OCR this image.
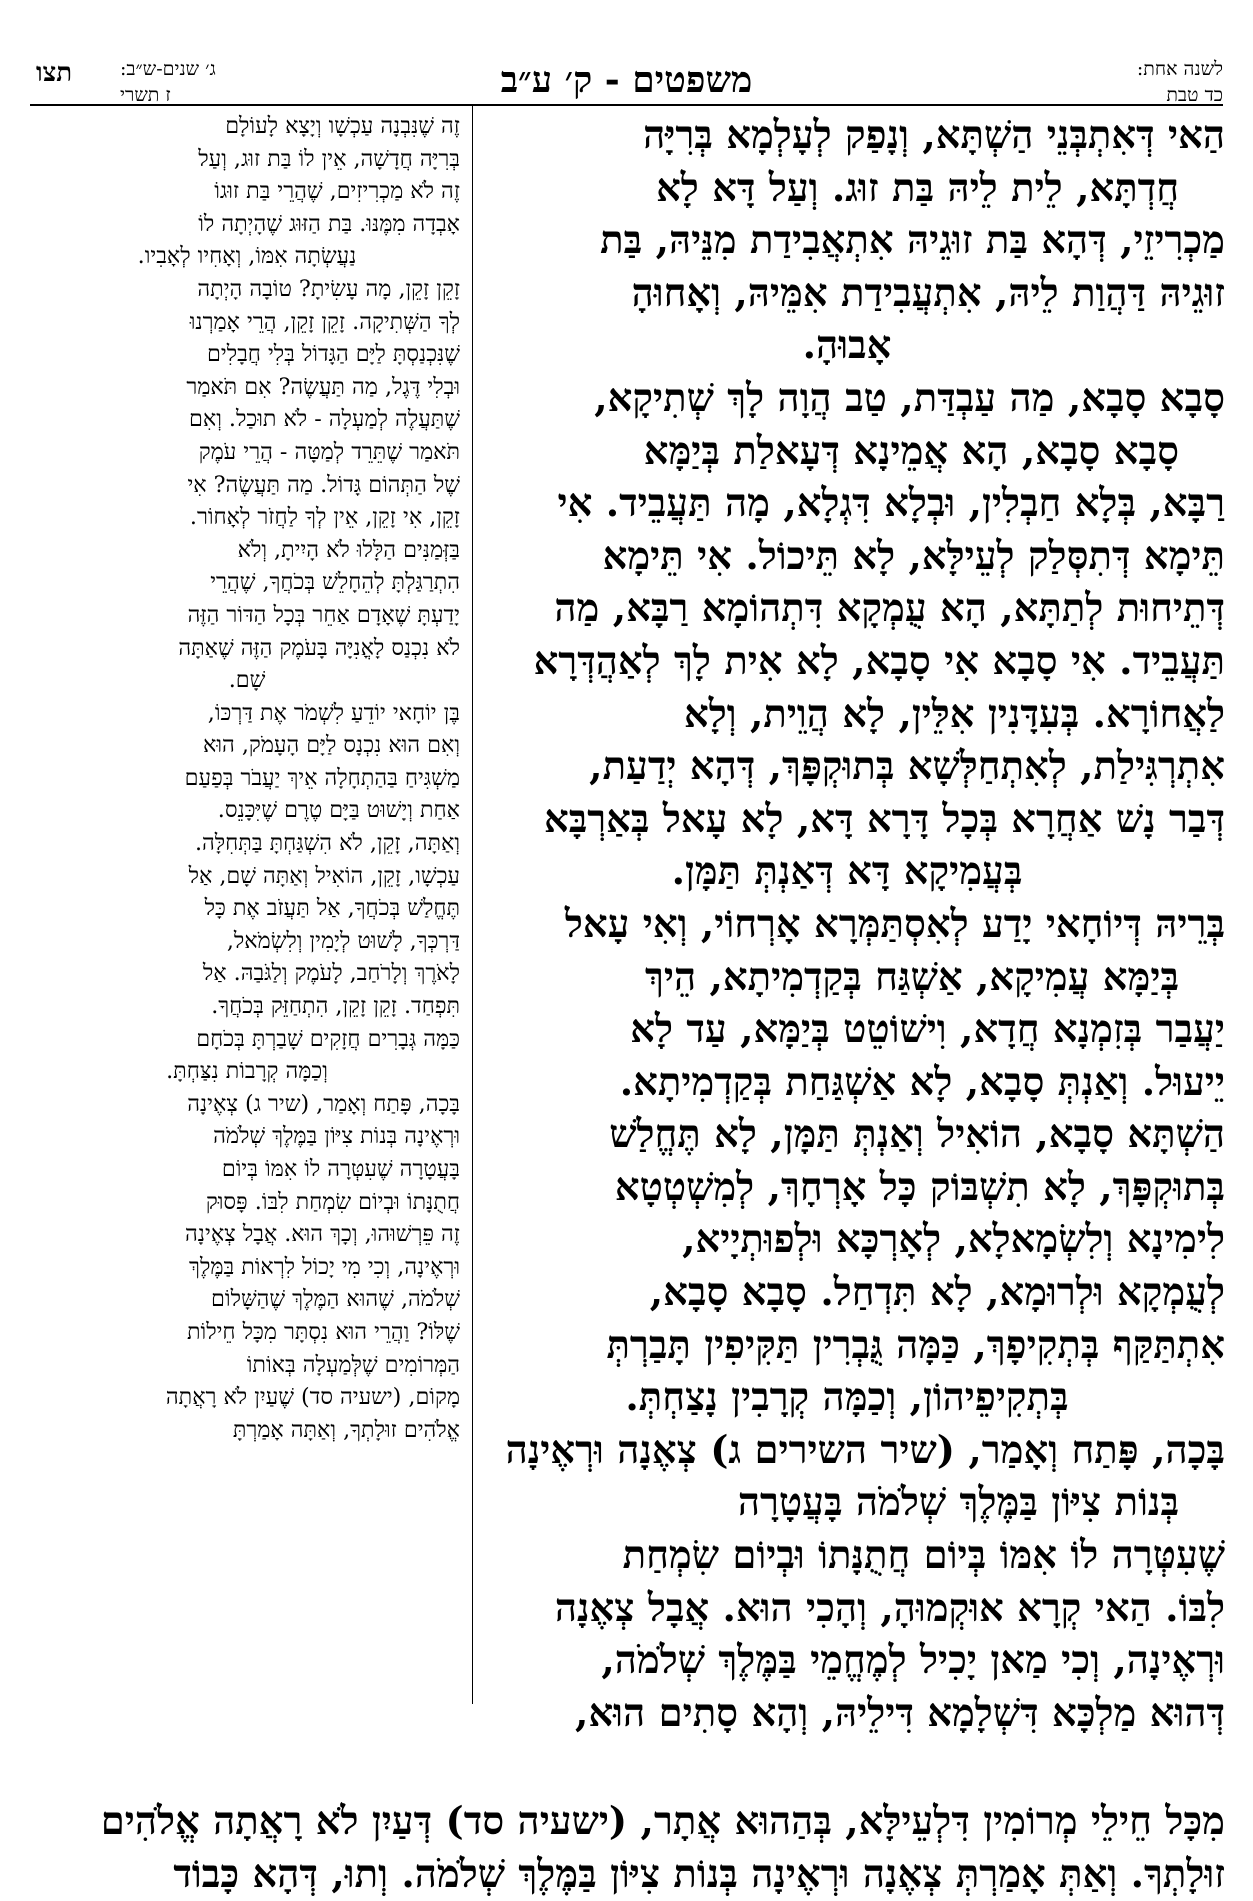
לשנה אחת:
כד טבת
משפטים - ק׳ ע״ב
ג׳ שנים-ש״ב:
ז תשרי
תצו
הַאי דְּאִתְבְּנֵי הַשְׁתָּא, וְנָפַק לְעָלְמָא בְּרִיָּה
חֲדְתָּא, לֵית לֵיהּ בַּת זוּג. וְעַל דָּא לָא
מַכְרִיזֵי, דְּהָא בַּת זוּגֵיהּ אִתְאֲבִידַת מִנֵּיהּ, בַּת
זוּגֵיהּ דַּהֲוַת לֵיהּ, אִתְעֲבִידַת אִמֵּיהּ, וְאָחוּהָ
אָבוּהָ.
סָבָא סָבָא, מַה עַבְדַּת, טַב הֲוָה לָךְ שְׁתִיקָא,
סָבָא סָבָא, הָא אֲמֵינָא דְּעָאלַת בְּיַמָּא
רַבָּא, בְּלָא חַבְלִין, וּבְלָא דִּגְלָא, מָה תַּעֲבֵיד. אִי
תֵּימָא דְּתִסְּלַק לְעֵילָּא, לָא תֵּיכוֹל. אִי תֵּימָא
דְּתֵיחוּת לְתַתָּא, הָא עֻמְקָא דִּתְהוֹמָא רַבָּא, מַה
תַּעֲבֵיד. אִי סָבָא אִי סָבָא, לָא אִית לָךְ לְאַהֲדְּרָא
לַאֲחוֹרָא. בְּעִדָּנִין אִלֵּין, לָא הֲוֵית, וְלָא
אִתְרְגִּילַת, לְאִתְחַלְּשָׁא בְּתוּקְפָּךְ, דְּהָא יְדַעַת,
דְּבַר נָשׁ אַחֲרָא בְּכָל דָּרָא דָּא, לָא עָאל בְּאַרְבָּא
בְּעֲמִיקָא דָּא דְּאַנְתְּ תַּמָּן.
בְּרֵיהּ דְּיוֹחָאי יָדַע לְאִסְתַּמְּרָא אָרְחוֹי, וְאִי עָאל
בְּיַמָּא עֲמִיקָא, אַשְׁגַּח בְּקַדְמִיתָא, הֵיךְ
יַעֲבַר בְּזִמְנָא חֲדָא, וִישׁוֹטֵט בְּיַמָּא, עַד לָא
יֵיעוּל. וְאַנְתְּ סָבָא, לָא אַשְׁגַּחַת בְּקַדְמִיתָא.
הַשְׁתָּא סָבָא, הוֹאִיל וְאַנְתְּ תַּמָּן, לָא תֶּחֱלַשׁ
בְּתוּקְפָּךְ, לָא תִשְׁבּוֹק כָּל אָרְחָךְ, לְמִשְׁטְטָא
לִימִינָא וְלִשְׂמָאלָא, לְאָרְכָּא וּלְפוּתְיָיא,
לְעֻמְקָא וּלְרוּמָא, לָא תִּדְחַל. סָבָא סָבָא,
אִתְתַּקַּף בְּתְקִיפָךְ, כַּמָּה גֻּבְרִין תַּקִּיפִין תָּבַרְתְּ
בְּתְקִיפֵיהוֹן, וְכַמָּה קְרָבִין נָצַחְתְּ.
בָּכָה, פָּתַח וְאָמַר, (שיר השירים ג) צְאֶנָה וּרְאֶינָה
בְּנוֹת צִיּוֹן בַּמֶּלֶךְ שְׁלֹמֹה בָּעֲטָרָה
שֶׁעִטְּרָה לוֹ אִמּוֹ בְּיוֹם חֲתֻנָּתוֹ וּבְיוֹם שִׂמְחַת
לִבּוֹ. הַאי קְרָא אוּקְמוּהָ, וְהָכִי הוּא. אֲבָל צְאֶנָה
וּרְאֶינָה, וְכִי מַאן יָכִיל לְמֶחֱמֵי בַּמֶּלֶךְ שְׁלֹמֹה,
דְּהוּא מַלְכָּא דִּשְׁלָמָא דִּילֵיהּ, וְהָא סָתִים הוּא,
זֶה שֶׁנִּבְנָה עַכְשָׁו וְיָצָא לָעוֹלָם
בְּרִיָּה חֲדָשָׁה, אֵין לוֹ בַּת זוּג, וְעַל
זֶה לֹא מַכְרִיזִים, שֶׁהֲרֵי בַּת זוּגוֹ
אָבְדָה מִמֶּנּוּ. בַּת הַזּוּג שֶׁהָיְתָה לוֹ
נַעֲשְׂתָה אִמּוֹ, וְאָחִיו לְאָבִיו.
זָקֵן זָקֵן, מָה עָשִׂיתָ? טוֹבָה הָיְתָה
לְךָ הַשְּׁתִיקָה. זָקֵן זָקֵן, הֲרֵי אָמַרְנוּ
שֶׁנִּכְנַסְתָּ לַיָּם הַגָּדוֹל בְּלִי חֲבָלִים
וּבְלִי דֶּגֶל, מַה תַּעֲשֶׂה? אִם תֹּאמַר
שֶׁתַּעֲלֶה לְמַעְלָה - לֹא תוּכַל. וְאִם
תֹּאמַר שֶׁתֵּרֵד לְמַטָּה - הֲרֵי עֹמֶק
שֶׁל הַתְּהוֹם גָּדוֹל. מַה תַּעֲשֶׂה? אִי
זָקֵן, אִי זָקֵן, אֵין לְךָ לַחֲזֹר לְאָחוֹר.
בַּזְּמַנִּים הַלָּלוּ לֹא הָיִיתָ, וְלֹא
הִתְרַגַּלְתָּ לְהֵחָלֵשׁ בְּכֹחֲךָ, שֶׁהֲרֵי
יָדַעְתָּ שֶׁאָדָם אַחֵר בְּכָל הַדּוֹר הַזֶּה
לֹא נִכְנַס לָאֳנִיָּה בָּעֹמֶק הַזֶּה שֶׁאַתָּה
שָׁם.
בֶּן יוֹחָאי יוֹדֵעַ לִשְׁמֹר אֶת דַּרְכּוֹ,
וְאִם הוּא נִכְנָס לַיָּם הָעָמֹק, הוּא
מַשְׁגִּיחַ בַּהַתְחָלָה אֵיךְ יַעֲבֹר בְּפַעַם
אַחַת וְיָשׁוּט בַּיָּם טֶרֶם שֶׁיִּכָּנֵס.
וְאַתָּה, זָקֵן, לֹא הִשְׁגַּחְתָּ בַּתְּחִלָּה.
עַכְשָׁו, זָקֵן, הוֹאִיל וְאַתָּה שָׁם, אַל
תֶּחֱלַשׁ בְּכֹחֲךָ, אַל תַּעֲזֹב אֶת כָּל
דַּרְכְּךָ, לָשׁוּט לְיָמִין וְלִשְׂמֹאל,
לָאֹרֶךְ וְלָרֹחַב, לָעֹמֶק וְלַגֹּבַהּ. אַל
תִּפְחַד. זָקֵן זָקֵן, הִתְחַזֵּק בְּכֹחֲךָ.
כַּמָּה גְּבָרִים חֲזָקִים שָׁבַרְתָּ בְּכֹחָם
וְכַמָּה קְרָבוֹת נִצַּחְתָּ.
בָּכָה, פָּתַח וְאָמַר, (שיר ג) צְאֶינָה
וּרְאֶינָה בְּנוֹת צִיּוֹן בַּמֶּלֶךְ שְׁלֹמֹה
בָּעֲטָרָה שֶׁעִטְּרָה לוֹ אִמּוֹ בְּיוֹם
חֲתֻנָּתוֹ וּבְיוֹם שִׂמְחַת לִבּוֹ. פָּסוּק
זֶה פֵּרְשׁוּהוּ, וְכָךְ הוּא. אֲבָל צְאֶינָה
וּרְאֶינָה, וְכִי מִי יָכוֹל לִרְאוֹת בַּמֶּלֶךְ
שְׁלֹמֹה, שֶׁהוּא הַמֶּלֶךְ שֶׁהַשָּׁלוֹם
שֶׁלּוֹ? וַהֲרֵי הוּא נִסְתָּר מִכָּל חֵילוֹת
הַמְּרוֹמִים שֶׁלְּמַעְלָה בְּאוֹתוֹ
מָקוֹם, (ישעיה סד) שֶׁעַיִן לֹא רָאֲתָה
אֱלֹהִים זוּלָתְךָ, וְאַתָּה אָמַרְתָּ
מִכָּל חֵילֵי מְרוֹמִין דִּלְעֵילָּא, בְּהַהוּא אֲתָר, (ישעיה סד) דְּעַיִן לֹא רָאֲתָה אֱלֹהִים
זוּלָתְךָ. וְאַתְּ אָמַרְתְּ צְאֶנָה וּרְאֶינָה בְּנוֹת צִיּוֹן בַּמֶּלֶךְ שְׁלֹמֹה. וְתוּ, דְּהָא כָּבוֹד
